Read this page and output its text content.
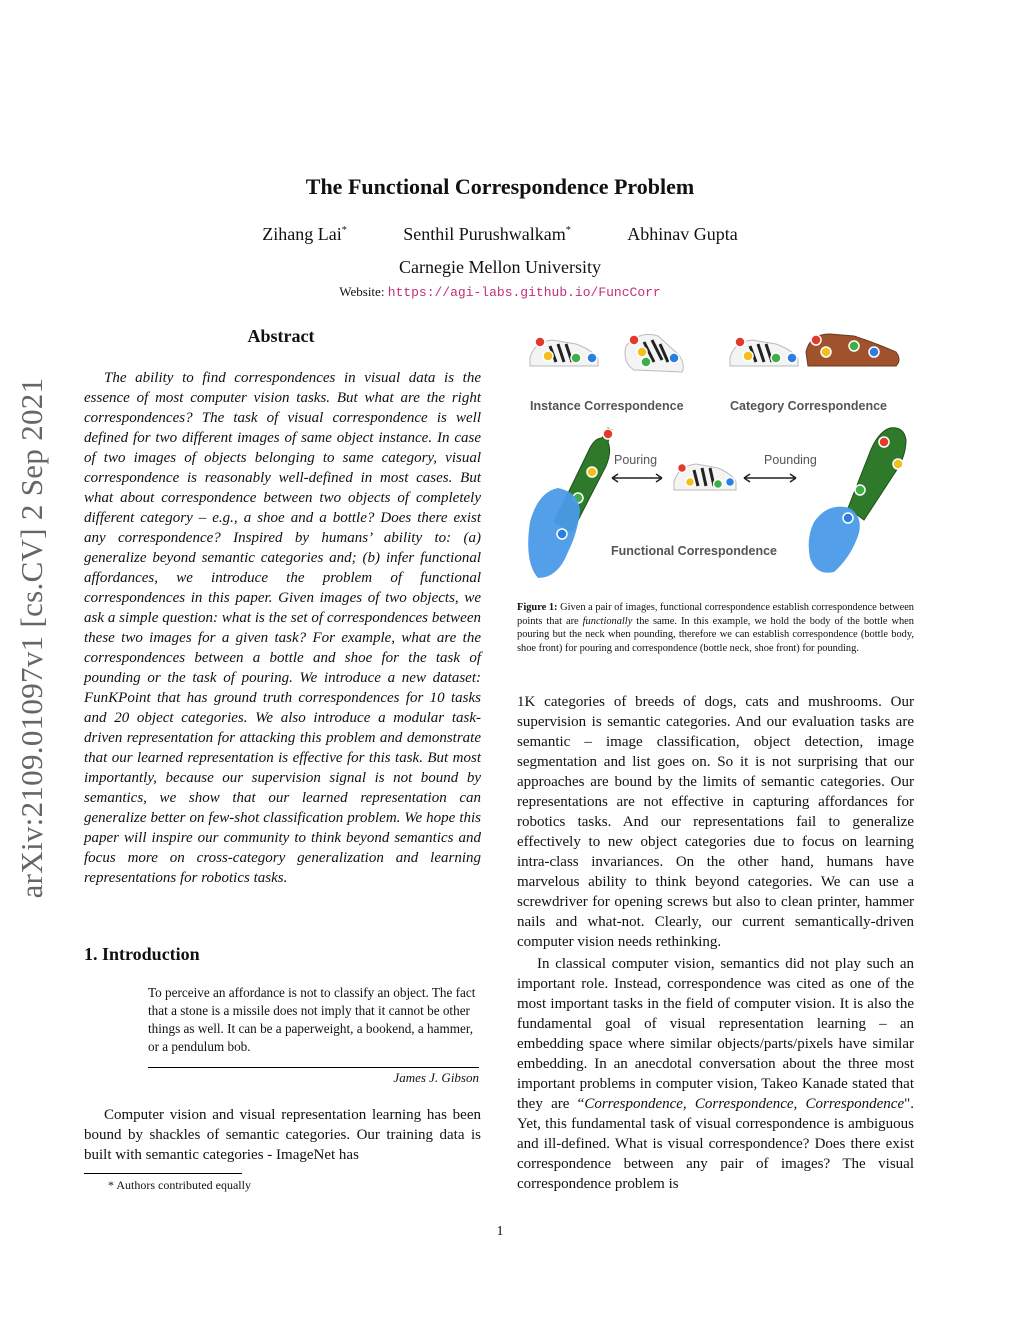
The Functional Correspondence Problem
Zihang Lai*	Senthil Purushwalkam*	Abhinav Gupta
Carnegie Mellon University
Website: https://agi-labs.github.io/FuncCorr
arXiv:2109.01097v1 [cs.CV] 2 Sep 2021
Abstract
The ability to find correspondences in visual data is the essence of most computer vision tasks. But what are the right correspondences? The task of visual correspondence is well defined for two different images of same object instance. In case of two images of objects belonging to same category, visual correspondence is reasonably well-defined in most cases. But what about correspondence between two objects of completely different category – e.g., a shoe and a bottle? Does there exist any correspondence? Inspired by humans’ ability to: (a) generalize beyond semantic categories and; (b) infer functional affordances, we introduce the problem of functional correspondences in this paper. Given images of two objects, we ask a simple question: what is the set of correspondences between these two images for a given task? For example, what are the correspondences between a bottle and shoe for the task of pounding or the task of pouring. We introduce a new dataset: FunKPoint that has ground truth correspondences for 10 tasks and 20 object categories. We also introduce a modular task-driven representation for attacking this problem and demonstrate that our learned representation is effective for this task. But most importantly, because our supervision signal is not bound by semantics, we show that our learned representation can generalize better on few-shot classification problem. We hope this paper will inspire our community to think beyond semantics and focus more on cross-category generalization and learning representations for robotics tasks.
1. Introduction
To perceive an affordance is not to classify an object. The fact that a stone is a missile does not imply that it cannot be other things as well. It can be a paperweight, a bookend, a hammer, or a pendulum bob.
James J. Gibson
Computer vision and visual representation learning has been bound by shackles of semantic categories. Our training data is built with semantic categories - ImageNet has
* Authors contributed equally
Instance Correspondence	Category Correspondence
Pouring	Pounding
Functional Correspondence
Figure 1: Given a pair of images, functional correspondence establish correspondence between points that are functionally the same. In this example, we hold the body of the bottle when pouring but the neck when pounding, therefore we can establish correspondence (bottle body, shoe front) for pouring and correspondence (bottle neck, shoe front) for pounding.
1K categories of breeds of dogs, cats and mushrooms. Our supervision is semantic categories. And our evaluation tasks are semantic – image classification, object detection, image segmentation and list goes on. So it is not surprising that our approaches are bound by the limits of semantic categories. Our representations are not effective in capturing affordances for robotics tasks. And our representations fail to generalize effectively to new object categories due to focus on learning intra-class invariances. On the other hand, humans have marvelous ability to think beyond categories. We can use a screwdriver for opening screws but also to clean printer, hammer nails and what-not. Clearly, our current semantically-driven computer vision needs rethinking.
In classical computer vision, semantics did not play such an important role. Instead, correspondence was cited as one of the most important tasks in the field of computer vision. It is also the fundamental goal of visual representation learning – an embedding space where similar objects/parts/pixels have similar embedding. In an anecdotal conversation about the three most important problems in computer vision, Takeo Kanade stated that they are “Correspondence, Correspondence, Correspondence". Yet, this fundamental task of visual correspondence is ambiguous and ill-defined. What is visual correspondence? Does there exist correspondence between any pair of images? The visual correspondence problem is
1
